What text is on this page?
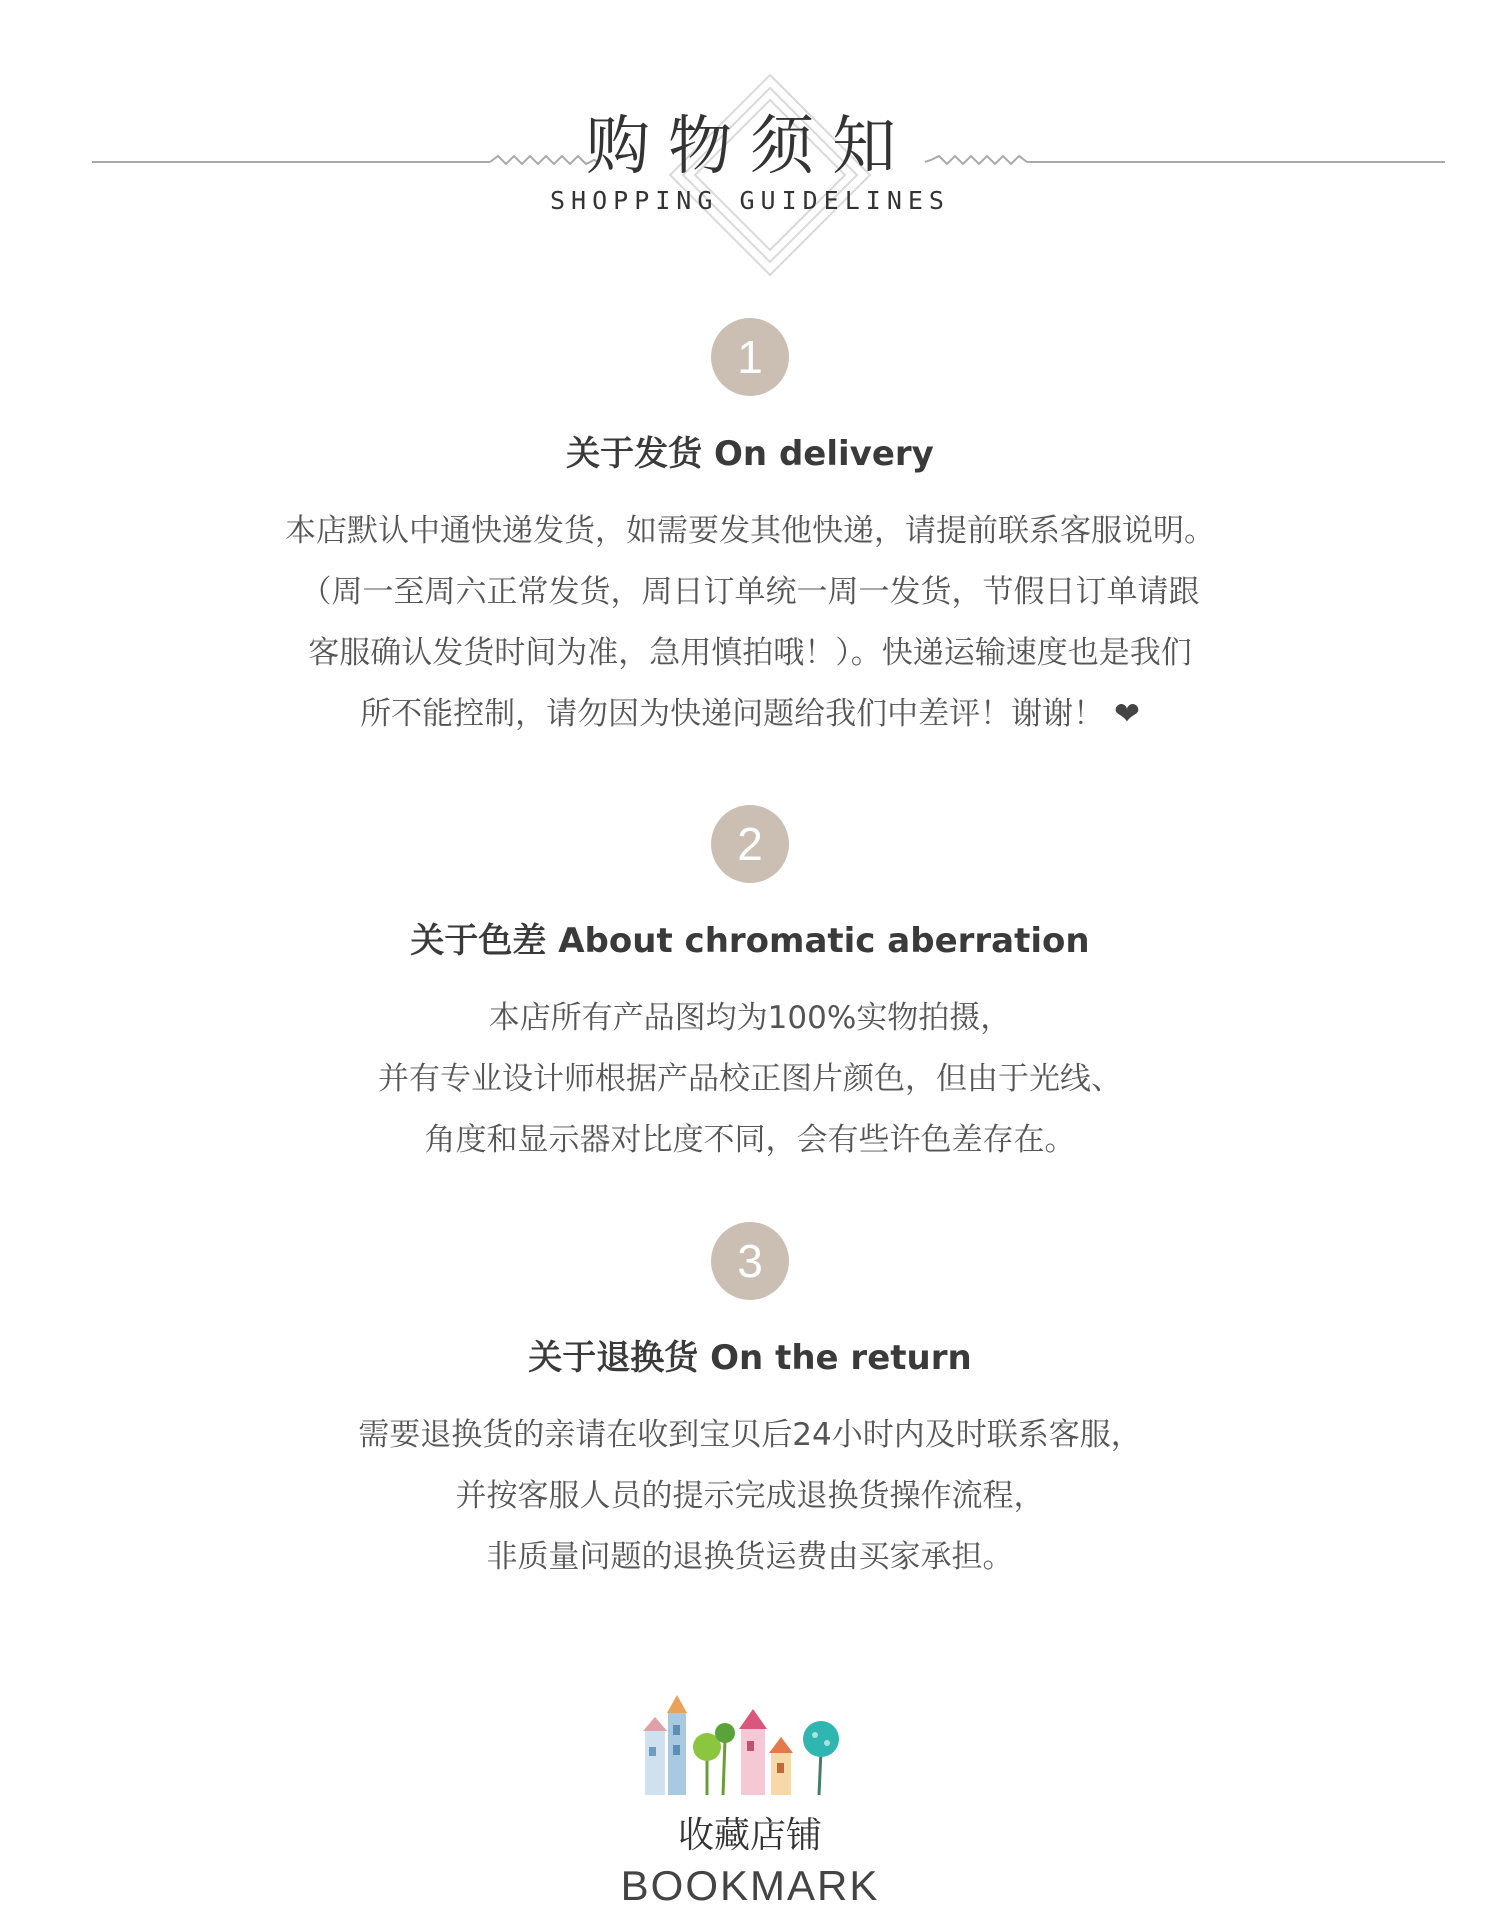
购物须知
SHOPPING GUIDELINES
1
关于发货 On delivery
本店默认中通快递发货，如需要发其他快递，请提前联系客服说明。
（周一至周六正常发货，周日订单统一周一发货，节假日订单请跟
客服确认发货时间为准，急用慎拍哦！）。快递运输速度也是我们
所不能控制，请勿因为快递问题给我们中差评！谢谢！ ❤
2
关于色差 About chromatic aberration
本店所有产品图均为100%实物拍摄，
并有专业设计师根据产品校正图片颜色，但由于光线、
角度和显示器对比度不同，会有些许色差存在。
3
关于退换货 On the return
需要退换货的亲请在收到宝贝后24小时内及时联系客服，
并按客服人员的提示完成退换货操作流程，
非质量问题的退换货运费由买家承担。
收藏店铺
BOOKMARK
